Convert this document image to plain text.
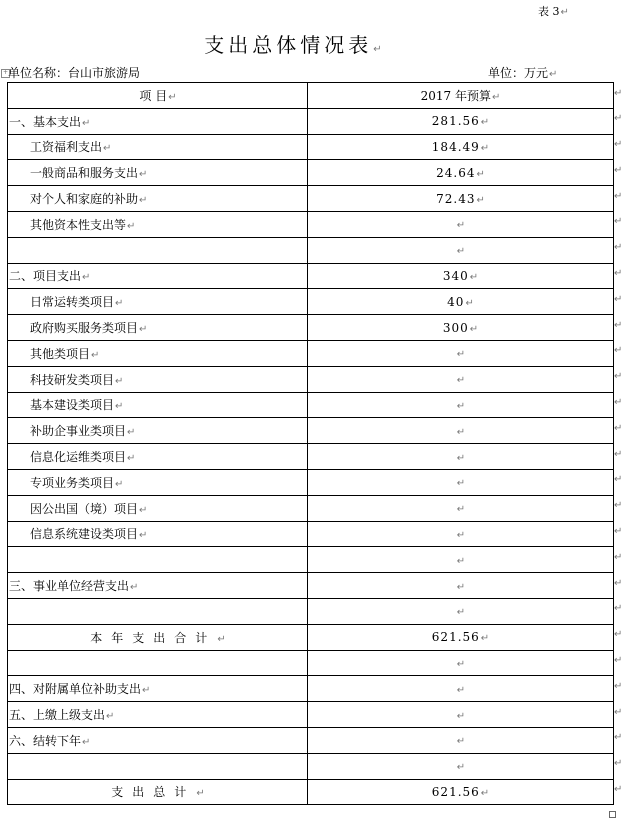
表 3↵
支出总体情况表↵
+ 单位名称：台山市旅游局	单位：万元↵
项 目↵	2017 年预算↵
一、基本支出↵	281.56↵
工资福利支出↵	184.49↵
一般商品和服务支出↵	24.64↵
对个人和家庭的补助↵	72.43↵
其他资本性支出等↵	↵
	↵
二、项目支出↵	340↵
日常运转类项目↵	40↵
政府购买服务类项目↵	300↵
其他类项目↵	↵
科技研发类项目↵	↵
基本建设类项目↵	↵
补助企事业类项目↵	↵
信息化运维类项目↵	↵
专项业务类项目↵	↵
因公出国（境）项目↵	↵
信息系统建设类项目↵	↵
	↵
三、事业单位经营支出↵	↵
	↵
本年支出合计↵	621.56↵
	↵
四、对附属单位补助支出↵	↵
五、上缴上级支出↵	↵
六、结转下年↵	↵
	↵
支出总计↵	621.56↵
↵
↵
↵
↵
↵
↵
↵
↵
↵
↵
↵
↵
↵
↵
↵
↵
↵
↵
↵
↵
↵
↵
↵
↵
↵
↵
↵
↵
